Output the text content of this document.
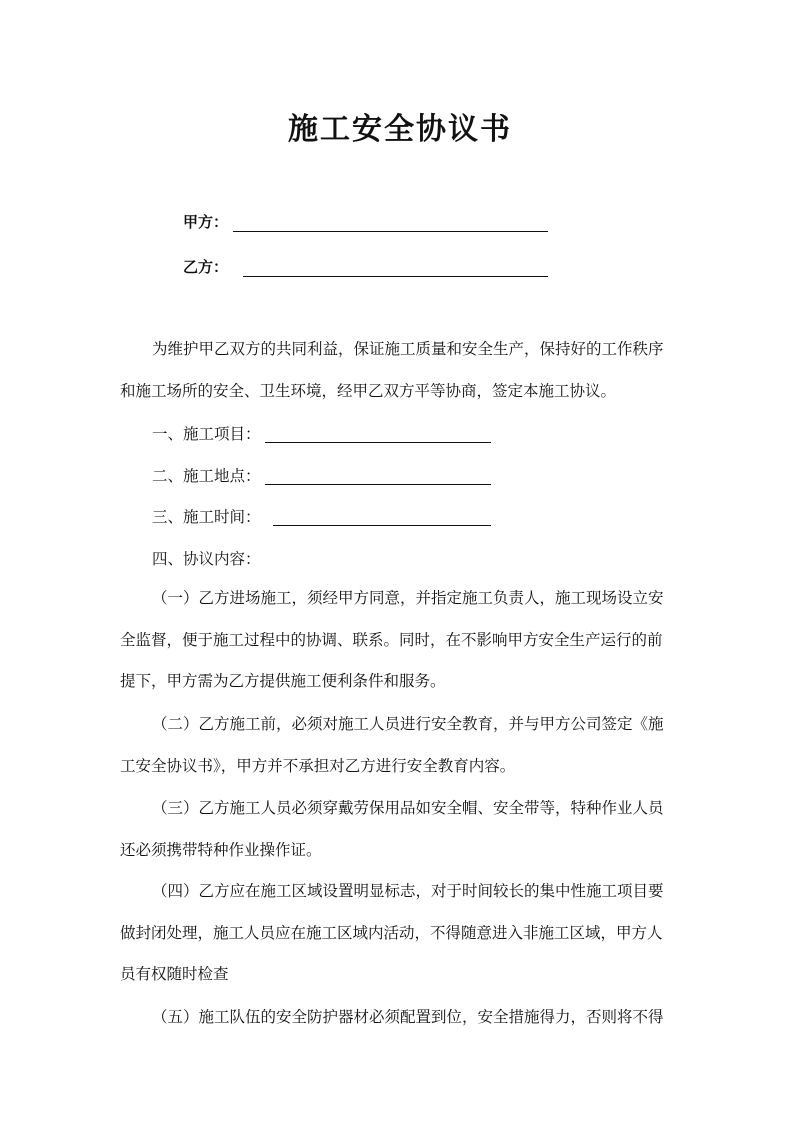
施工安全协议书
甲方：
乙方：

为维护甲乙双方的共同利益，保证施工质量和安全生产，保持好的工作秩序
和施工场所的安全、卫生环境，经甲乙双方平等协商，签定本施工协议。

一、施工项目：
二、施工地点：
三、施工时间：
四、协议内容：

（一）乙方进场施工，须经甲方同意，并指定施工负责人，施工现场设立安
全监督，便于施工过程中的协调、联系。同时，在不影响甲方安全生产运行的前
提下，甲方需为乙方提供施工便利条件和服务。

（二）乙方施工前，必须对施工人员进行安全教育，并与甲方公司签定《施
工安全协议书》，甲方并不承担对乙方进行安全教育内容。

（三）乙方施工人员必须穿戴劳保用品如安全帽、安全带等，特种作业人员
还必须携带特种作业操作证。

（四）乙方应在施工区域设置明显标志，对于时间较长的集中性施工项目要
做封闭处理，施工人员应在施工区域内活动，不得随意进入非施工区域，甲方人
员有权随时检查

（五）施工队伍的安全防护器材必须配置到位，安全措施得力，否则将不得
